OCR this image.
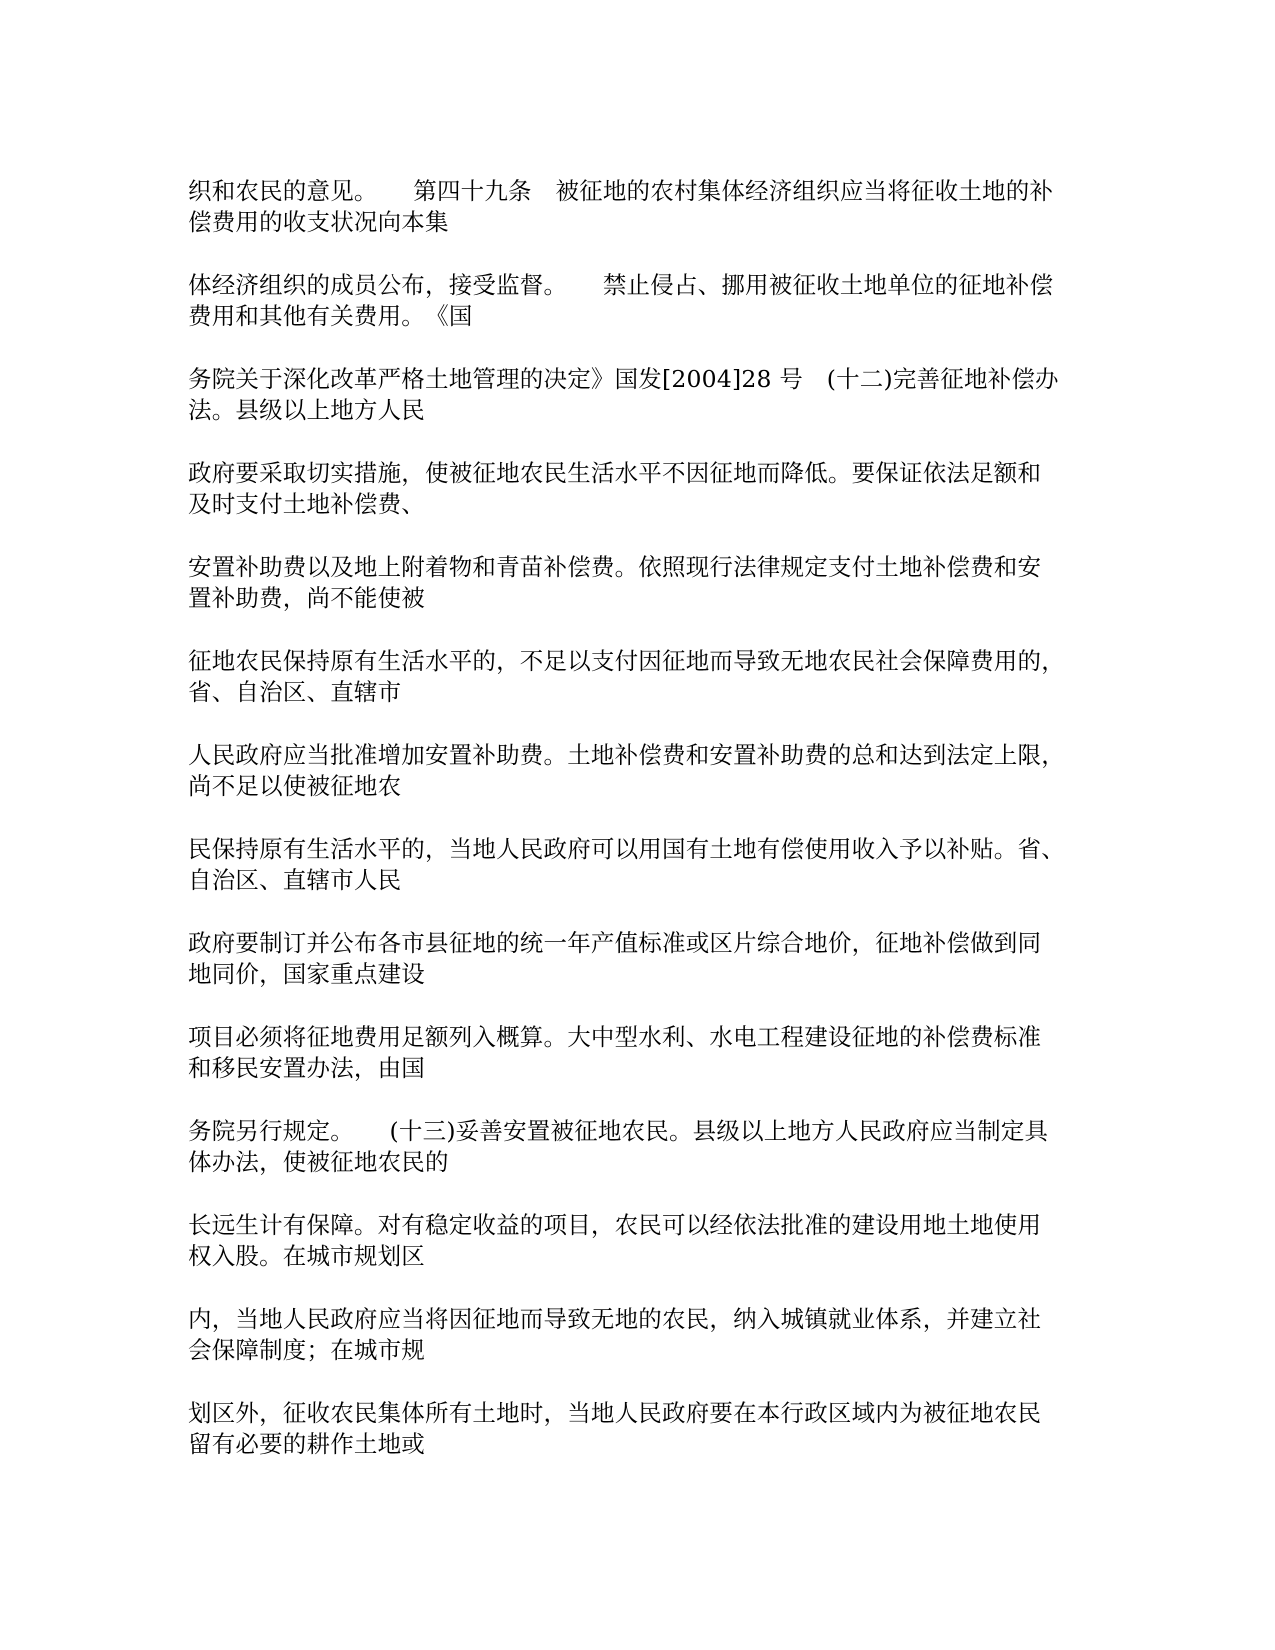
织和农民的意见。　　第四十九条　被征地的农村集体经济组织应当将征收土地的补
偿费用的收支状况向本集

体经济组织的成员公布，接受监督。　　禁止侵占、挪用被征收土地单位的征地补偿
费用和其他有关费用。　《国

务院关于深化改革严格土地管理的决定》国发[2004]28 号　(十二)完善征地补偿办
法。县级以上地方人民

政府要采取切实措施，使被征地农民生活水平不因征地而降低。要保证依法足额和
及时支付土地补偿费、

安置补助费以及地上附着物和青苗补偿费。依照现行法律规定支付土地补偿费和安
置补助费，尚不能使被

征地农民保持原有生活水平的，不足以支付因征地而导致无地农民社会保障费用的，
省、自治区、直辖市

人民政府应当批准增加安置补助费。土地补偿费和安置补助费的总和达到法定上限，
尚不足以使被征地农

民保持原有生活水平的，当地人民政府可以用国有土地有偿使用收入予以补贴。省、
自治区、直辖市人民

政府要制订并公布各市县征地的统一年产值标准或区片综合地价，征地补偿做到同
地同价，国家重点建设

项目必须将征地费用足额列入概算。大中型水利、水电工程建设征地的补偿费标准
和移民安置办法，由国

务院另行规定。　　(十三)妥善安置被征地农民。县级以上地方人民政府应当制定具
体办法，使被征地农民的

长远生计有保障。对有稳定收益的项目，农民可以经依法批准的建设用地土地使用
权入股。在城市规划区

内，当地人民政府应当将因征地而导致无地的农民，纳入城镇就业体系，并建立社
会保障制度；在城市规

划区外，征收农民集体所有土地时，当地人民政府要在本行政区域内为被征地农民
留有必要的耕作土地或
